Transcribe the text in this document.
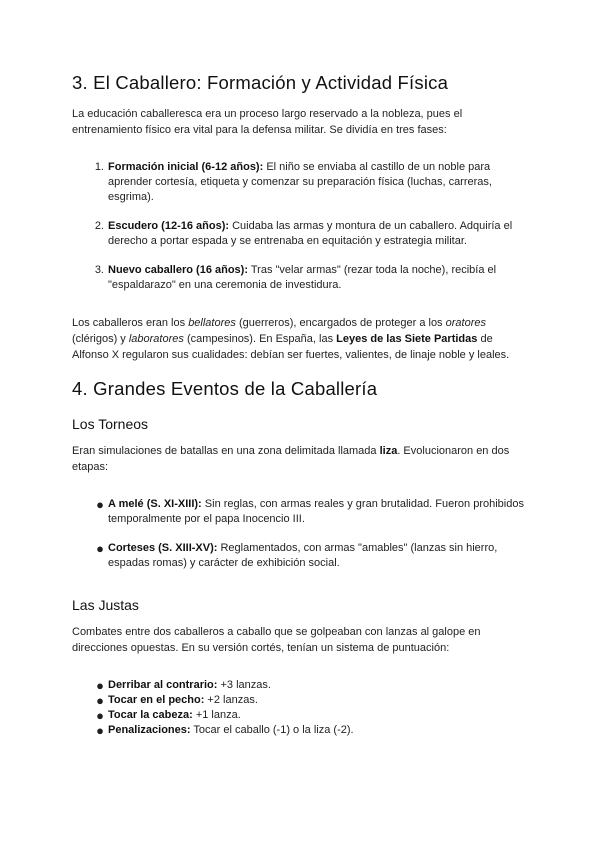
3. El Caballero: Formación y Actividad Física

La educación caballeresca era un proceso largo reservado a la nobleza, pues el entrenamiento físico era vital para la defensa militar. Se dividía en tres fases:

1. Formación inicial (6-12 años): El niño se enviaba al castillo de un noble para aprender cortesía, etiqueta y comenzar su preparación física (luchas, carreras, esgrima).
2. Escudero (12-16 años): Cuidaba las armas y montura de un caballero. Adquiría el derecho a portar espada y se entrenaba en equitación y estrategia militar.
3. Nuevo caballero (16 años): Tras "velar armas" (rezar toda la noche), recibía el "espaldarazo" en una ceremonia de investidura.

Los caballeros eran los bellatores (guerreros), encargados de proteger a los oratores (clérigos) y laboratores (campesinos). En España, las Leyes de las Siete Partidas de Alfonso X regularon sus cualidades: debían ser fuertes, valientes, de linaje noble y leales.

4. Grandes Eventos de la Caballería
Los Torneos

Eran simulaciones de batallas en una zona delimitada llamada liza. Evolucionaron en dos etapas:

● A melé (S. XI-XIII): Sin reglas, con armas reales y gran brutalidad. Fueron prohibidos temporalmente por el papa Inocencio III.
● Corteses (S. XIII-XV): Reglamentados, con armas "amables" (lanzas sin hierro, espadas romas) y carácter de exhibición social.
Las Justas

Combates entre dos caballeros a caballo que se golpeaban con lanzas al galope en direcciones opuestas. En su versión cortés, tenían un sistema de puntuación:

● Derribar al contrario: +3 lanzas.
● Tocar en el pecho: +2 lanzas.
● Tocar la cabeza: +1 lanza.
● Penalizaciones: Tocar el caballo (-1) o la liza (-2).
